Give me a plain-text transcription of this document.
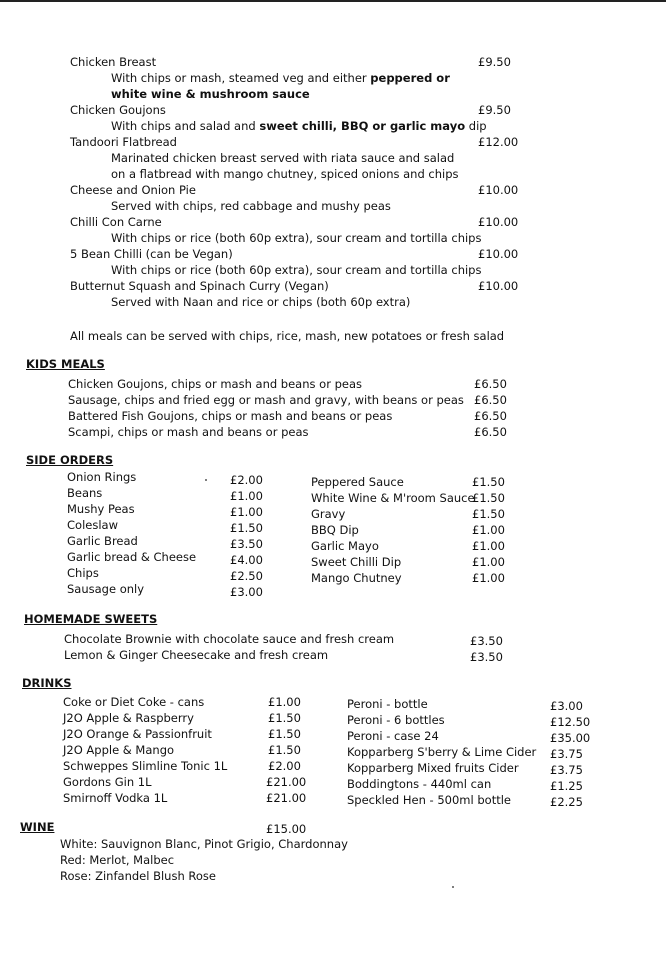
Chicken Breast	£9.50
With chips or mash, steamed veg and either peppered or
white wine & mushroom sauce
Chicken Goujons	£9.50
With chips and salad and sweet chilli, BBQ or garlic mayo dip
Tandoori Flatbread	£12.00
Marinated chicken breast served with riata sauce and salad
on a flatbread with mango chutney, spiced onions and chips
Cheese and Onion Pie	£10.00
Served with chips, red cabbage and mushy peas
Chilli Con Carne	£10.00
With chips or rice (both 60p extra), sour cream and tortilla chips
5 Bean Chilli (can be Vegan)	£10.00
With chips or rice (both 60p extra), sour cream and tortilla chips
Butternut Squash and Spinach Curry (Vegan)	£10.00
Served with Naan and rice or chips (both 60p extra)
All meals can be served with chips, rice, mash, new potatoes or fresh salad
KIDS MEALS
Chicken Goujons, chips or mash and beans or peas	£6.50
Sausage, chips and fried egg or mash and gravy, with beans or peas £6.50
Battered Fish Goujons, chips or mash and beans or peas	£6.50
Scampi, chips or mash and beans or peas	£6.50
SIDE ORDERS
Onion Rings	£2.00
Beans	£1.00
Mushy Peas	£1.00
Coleslaw	£1.50
Garlic Bread	£3.50
Garlic bread & Cheese	£4.00
Chips	£2.50
Sausage only	£3.00
Peppered Sauce	£1.50
White Wine & M'room Sauce
£1.50
Gravy	£1.50
BBQ Dip	£1.00
Garlic Mayo	£1.00
Sweet Chilli Dip	£1.00
Mango Chutney	£1.00
HOMEMADE SWEETS
Chocolate Brownie with chocolate sauce and fresh cream	£3.50
Lemon & Ginger Cheesecake and fresh cream	£3.50
DRINKS
Coke or Diet Coke - cans	£1.00
J2O Apple & Raspberry	£1.50
J2O Orange & Passionfruit	£1.50
J2O Apple & Mango	£1.50
Schweppes Slimline Tonic 1L	£2.00
Gordons Gin 1L	£21.00
Smirnoff Vodka 1L	£21.00
Peroni - bottle	£3.00
Peroni - 6 bottles	£12.50
Peroni - case 24	£35.00
Kopparberg S'berry & Lime Cider £3.75
Kopparberg Mixed fruits Cider	£3.75
Boddingtons - 440ml can	£1.25
Speckled Hen - 500ml bottle	£2.25
WINE	£15.00
White: Sauvignon Blanc, Pinot Grigio, Chardonnay
Red: Merlot, Malbec
Rose: Zinfandel Blush Rose
